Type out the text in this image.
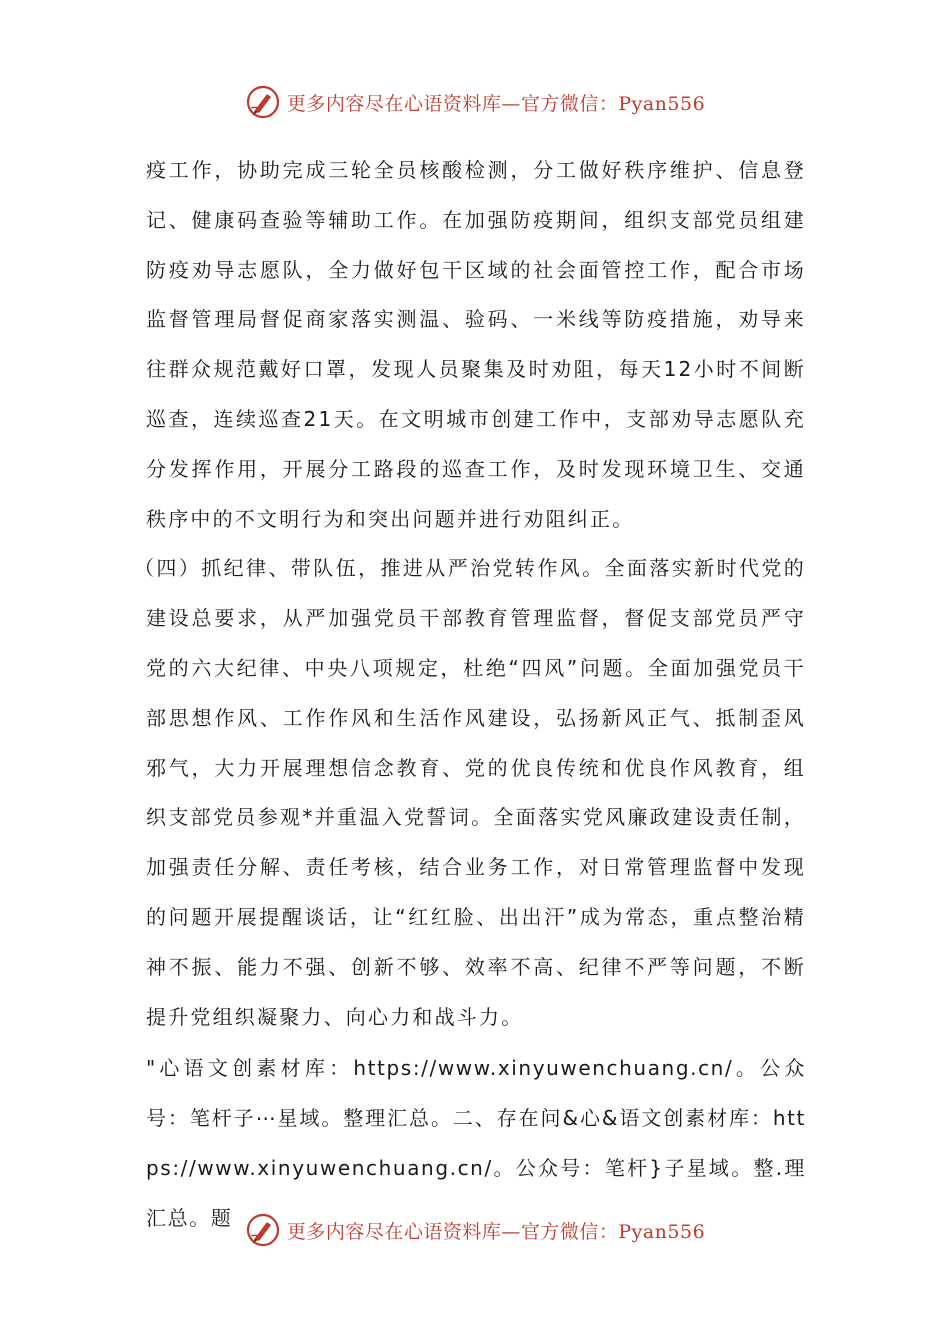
更多内容尽在心语资料库—官方微信：Pyan556

疫工作，协助完成三轮全员核酸检测，分工做好秩序维护、信息登记、健康码查验等辅助工作。在加强防疫期间，组织支部党员组建防疫劝导志愿队，全力做好包干区域的社会面管控工作，配合市场监督管理局督促商家落实测温、验码、一米线等防疫措施，劝导来往群众规范戴好口罩，发现人员聚集及时劝阻，每天12小时不间断巡查，连续巡查21天。在文明城市创建工作中，支部劝导志愿队充分发挥作用，开展分工路段的巡查工作，及时发现环境卫生、交通秩序中的不文明行为和突出问题并进行劝阻纠正。

（四）抓纪律、带队伍，推进从严治党转作风。全面落实新时代党的建设总要求，从严加强党员干部教育管理监督，督促支部党员严守党的六大纪律、中央八项规定，杜绝“四风”问题。全面加强党员干部思想作风、工作作风和生活作风建设，弘扬新风正气、抵制歪风邪气，大力开展理想信念教育、党的优良传统和优良作风教育，组织支部党员参观*并重温入党誓词。全面落实党风廉政建设责任制，加强责任分解、责任考核，结合业务工作，对日常管理监督中发现的问题开展提醒谈话，让“红红脸、出出汗”成为常态，重点整治精神不振、能力不强、创新不够、效率不高、纪律不严等问题，不断提升党组织凝聚力、向心力和战斗力。

"心语文创素材库：https://www.xinyuwenchuang.cn/。公众号：笔杆子⋯星域。整理汇总。二、存在问&心&语文创素材库：https://www.xinyuwenchuang.cn/。公众号：笔杆}子星域。整.理汇总。题

更多内容尽在心语资料库—官方微信：Pyan556
